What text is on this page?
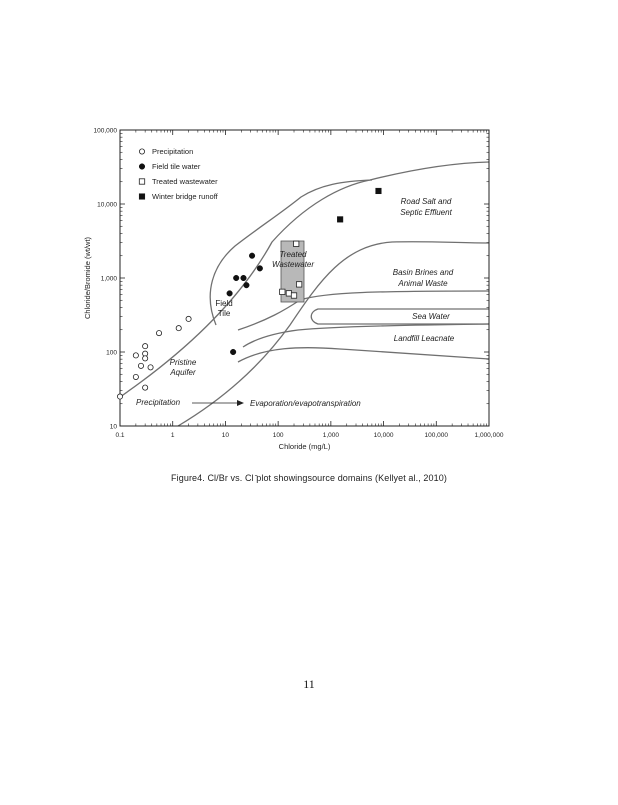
Chloride (mg/L)
Chloride/Bromide (wt/wt)
0.1	1	10	100	1,000	10,000	100,000	1,000,000
10
100
1,000
10,000
100,000
Road Salt and
Septic Effluent
Basin Brines and
Animal Waste
Sea Water
Landfill Leacnate
Treated
Wastewater
Field
Tile
Pristine
Aquifer
Precipitation	Evaporation/evapotranspiration
Precipitation
Field tile water
Treated wastewater
Winter bridge runoff
Figure4. Cl/Br vs. Cl ̄plot showingsource domains (Kellyet al., 2010)
11
